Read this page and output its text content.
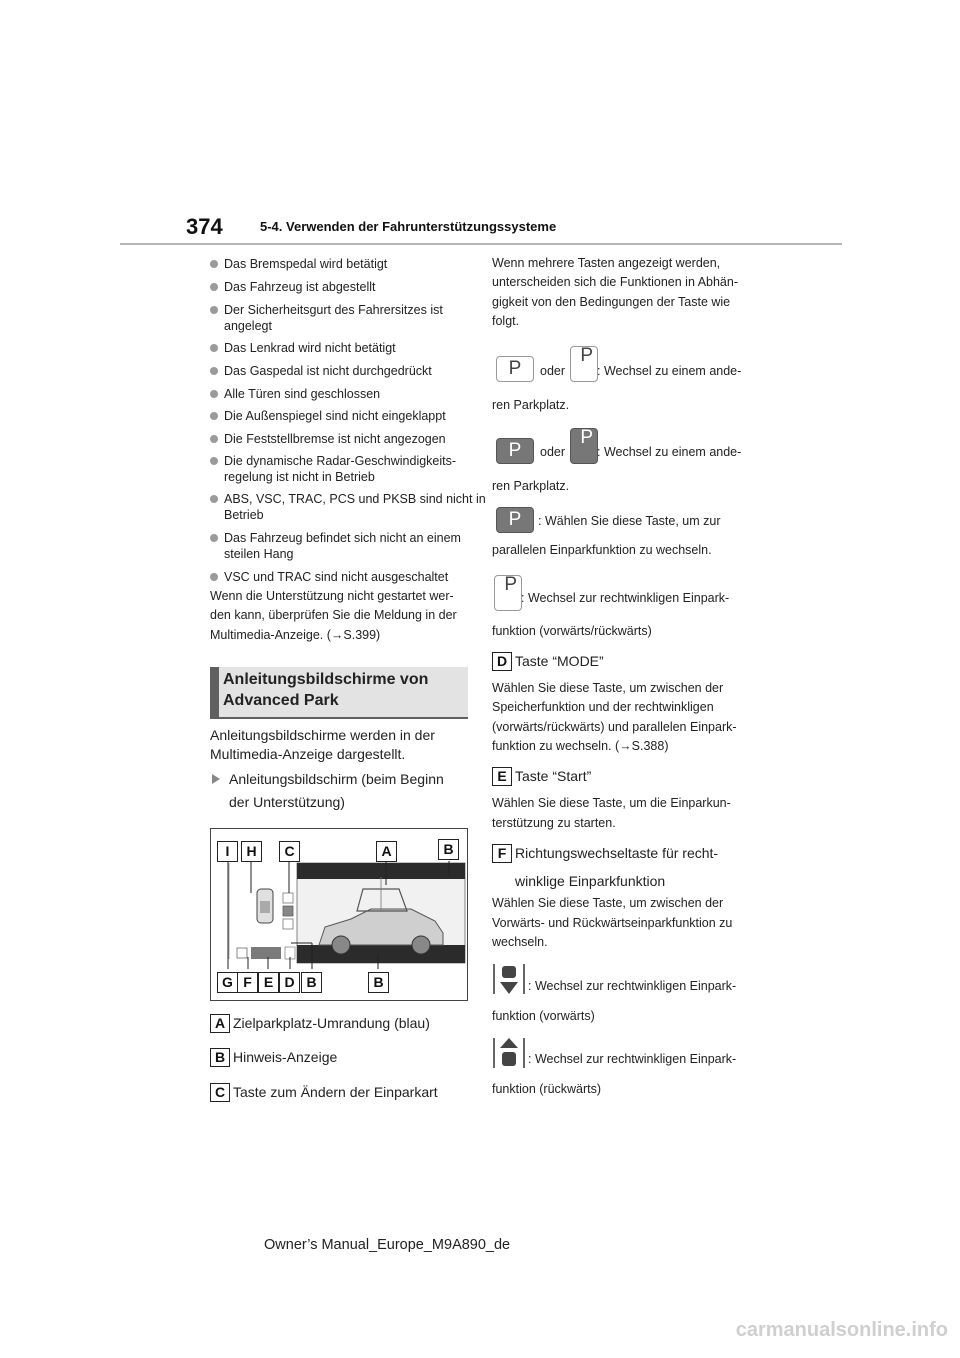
374	5-4. Verwenden der Fahrunterstützungssysteme
Das Bremspedal wird betätigt
Das Fahrzeug ist abgestellt
Der Sicherheitsgurt des Fahrersitzes ist angelegt
Das Lenkrad wird nicht betätigt
Das Gaspedal ist nicht durchgedrückt
Alle Türen sind geschlossen
Die Außenspiegel sind nicht eingeklappt
Die Feststellbremse ist nicht angezogen
Die dynamische Radar-Geschwindigkeits-regelung ist nicht in Betrieb
ABS, VSC, TRAC, PCS und PKSB sind nicht in Betrieb
Das Fahrzeug befindet sich nicht an einem steilen Hang
VSC und TRAC sind nicht ausgeschaltet
Wenn die Unterstützung nicht gestartet wer-
den kann, überprüfen Sie die Meldung in der
Multimedia-Anzeige. (→S.399)
Anleitungsbildschirme von
Advanced Park
Anleitungsbildschirme werden in der
Multimedia-Anzeige dargestellt.
Anleitungsbildschirm (beim Beginn
der Unterstützung)
I	H	C	A	B
G F E D B	B
A Zielparkplatz-Umrandung (blau)
B Hinweis-Anzeige
C Taste zum Ändern der Einparkart
Wenn mehrere Tasten angezeigt werden,
unterscheiden sich die Funktionen in Abhän-
gigkeit von den Bedingungen der Taste wie
folgt.
P	oder
P
: Wechsel zu einem ande-
ren Parkplatz.
P	oder
P
: Wechsel zu einem ande-
ren Parkplatz.
P	: Wählen Sie diese Taste, um zur
parallelen Einparkfunktion zu wechseln.
P
: Wechsel zur rechtwinkligen Einpark-
funktion (vorwärts/rückwärts)
D Taste “MODE”
Wählen Sie diese Taste, um zwischen der
Speicherfunktion und der rechtwinkligen
(vorwärts/rückwärts) und parallelen Einpark-
funktion zu wechseln. (→S.388)
E Taste “Start”
Wählen Sie diese Taste, um die Einparkun-
terstützung zu starten.
F Richtungswechseltaste für recht-
winklige Einparkfunktion
Wählen Sie diese Taste, um zwischen der
Vorwärts- und Rückwärtseinparkfunktion zu
wechseln.
: Wechsel zur rechtwinkligen Einpark-
funktion (vorwärts)
: Wechsel zur rechtwinkligen Einpark-
funktion (rückwärts)
Owner’s Manual_Europe_M9A890_de
carmanualsonline.info
